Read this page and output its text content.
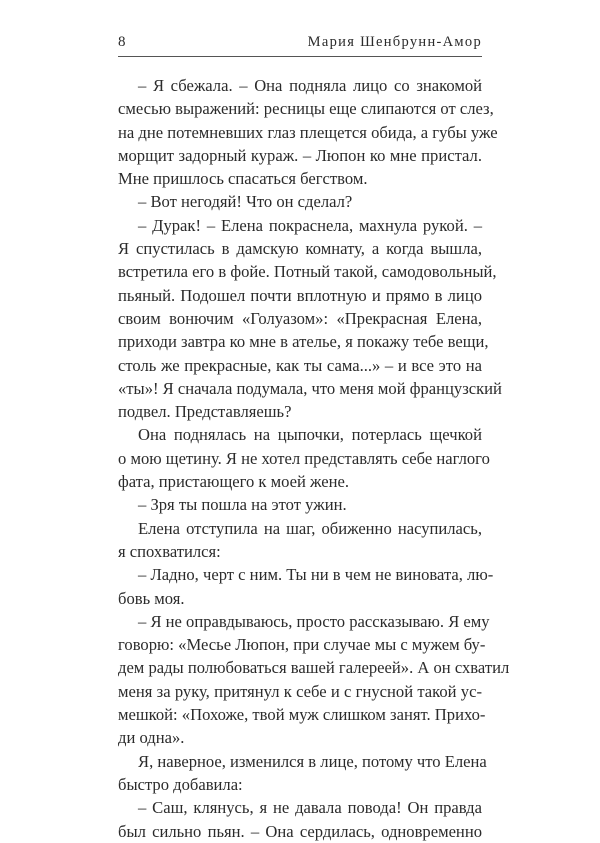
8	Мария Шенбрунн-Амор
– Я сбежала. – Она подняла лицо со знакомой
смесью выражений: ресницы еще слипаются от слез,
на дне потемневших глаз плещется обида, а губы уже
морщит задорный кураж. – Люпон ко мне пристал.
Мне пришлось спасаться бегством.
– Вот негодяй! Что он сделал?
– Дурак! – Елена покраснела, махнула рукой. –
Я спустилась в дамскую комнату, а когда вышла,
встретила его в фойе. Потный такой, самодовольный,
пьяный. Подошел почти вплотную и прямо в лицо
своим вонючим «Голуазом»: «Прекрасная Елена,
приходи завтра ко мне в ателье, я покажу тебе вещи,
столь же прекрасные, как ты сама...» – и все это на
«ты»! Я сначала подумала, что меня мой французский
подвел. Представляешь?
Она поднялась на цыпочки, потерлась щечкой
о мою щетину. Я не хотел представлять себе наглого
фата, пристающего к моей жене.
– Зря ты пошла на этот ужин.
Елена отступила на шаг, обиженно насупилась,
я спохватился:
– Ладно, черт с ним. Ты ни в чем не виновата, лю-
бовь моя.
– Я не оправдываюсь, просто рассказываю. Я ему
говорю: «Месье Люпон, при случае мы с мужем бу-
дем рады полюбоваться вашей галереей». А он схватил
меня за руку, притянул к себе и с гнусной такой ус-
мешкой: «Похоже, твой муж слишком занят. Прихо-
ди одна».
Я, наверное, изменился в лице, потому что Елена
быстро добавила:
– Саш, клянусь, я не давала повода! Он правда
был сильно пьян. – Она сердилась, одновременно
